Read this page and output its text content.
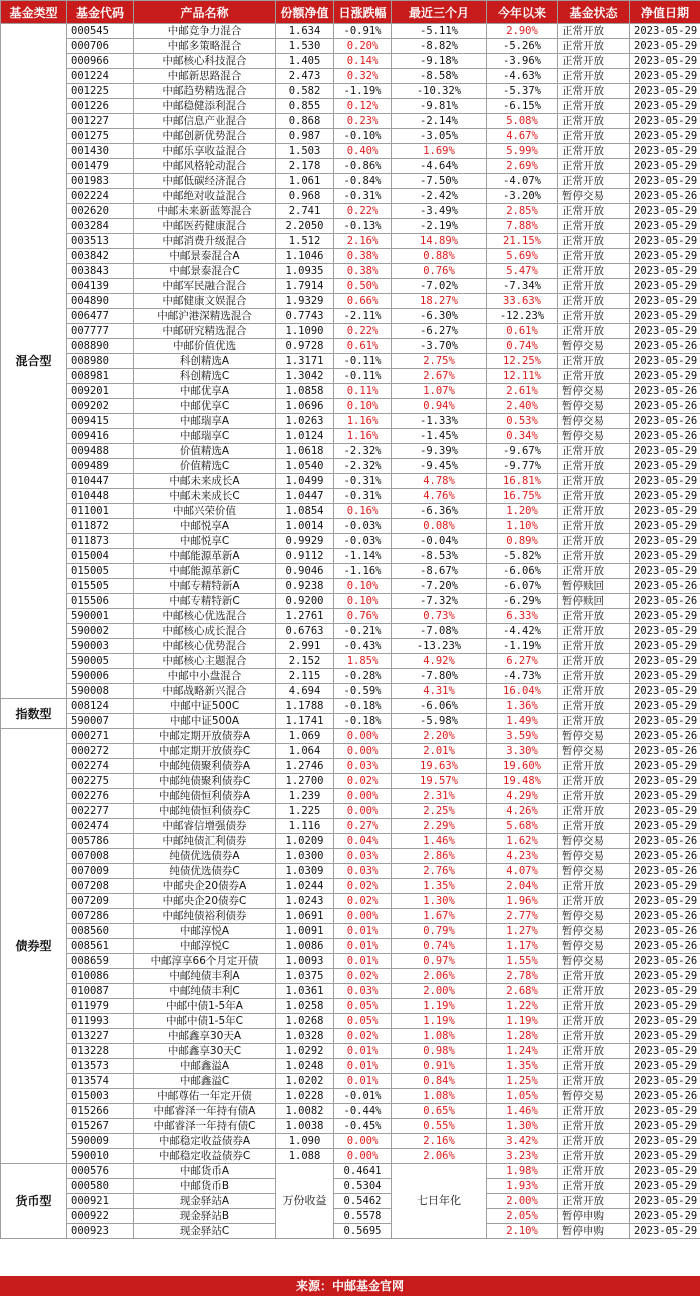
基金类型	基金代码	产品名称	份额净值	日涨跌幅	最近三个月	今年以来	基金状态	净值日期
混合型	000545	中邮竞争力混合	1.634	-0.91%	-5.11%	2.90%	正常开放	2023-05-29
	000706	中邮多策略混合	1.530	0.20%	-8.82%	-5.26%	正常开放	2023-05-29
	000966	中邮核心科技混合	1.405	0.14%	-9.18%	-3.96%	正常开放	2023-05-29
	001224	中邮新思路混合	2.473	0.32%	-8.58%	-4.63%	正常开放	2023-05-29
	001225	中邮趋势精选混合	0.582	-1.19%	-10.32%	-5.37%	正常开放	2023-05-29
	001226	中邮稳健添利混合	0.855	0.12%	-9.81%	-6.15%	正常开放	2023-05-29
	001227	中邮信息产业混合	0.868	0.23%	-2.14%	5.08%	正常开放	2023-05-29
	001275	中邮创新优势混合	0.987	-0.10%	-3.05%	4.67%	正常开放	2023-05-29
	001430	中邮乐享收益混合	1.503	0.40%	1.69%	5.99%	正常开放	2023-05-29
	001479	中邮风格轮动混合	2.178	-0.86%	-4.64%	2.69%	正常开放	2023-05-29
	001983	中邮低碳经济混合	1.061	-0.84%	-7.50%	-4.07%	正常开放	2023-05-29
	002224	中邮绝对收益混合	0.968	-0.31%	-2.42%	-3.20%	暂停交易	2023-05-26
	002620	中邮未来新蓝筹混合	2.741	0.22%	-3.49%	2.85%	正常开放	2023-05-29
	003284	中邮医药健康混合	2.2050	-0.13%	-2.19%	7.88%	正常开放	2023-05-29
	003513	中邮消费升级混合	1.512	2.16%	14.89%	21.15%	正常开放	2023-05-29
	003842	中邮景泰混合A	1.1046	0.38%	0.88%	5.69%	正常开放	2023-05-29
	003843	中邮景泰混合C	1.0935	0.38%	0.76%	5.47%	正常开放	2023-05-29
	004139	中邮军民融合混合	1.7914	0.50%	-7.02%	-7.34%	正常开放	2023-05-29
	004890	中邮健康文娱混合	1.9329	0.66%	18.27%	33.63%	正常开放	2023-05-29
	006477	中邮沪港深精选混合	0.7743	-2.11%	-6.30%	-12.23%	正常开放	2023-05-29
	007777	中邮研究精选混合	1.1090	0.22%	-6.27%	0.61%	正常开放	2023-05-29
	008890	中邮价值优选	0.9728	0.61%	-3.70%	0.74%	暂停交易	2023-05-26
	008980	科创精选A	1.3171	-0.11%	2.75%	12.25%	正常开放	2023-05-29
	008981	科创精选C	1.3042	-0.11%	2.67%	12.11%	正常开放	2023-05-29
	009201	中邮优享A	1.0858	0.11%	1.07%	2.61%	暂停交易	2023-05-26
	009202	中邮优享C	1.0696	0.10%	0.94%	2.40%	暂停交易	2023-05-26
	009415	中邮瑞享A	1.0263	1.16%	-1.33%	0.53%	暂停交易	2023-05-26
	009416	中邮瑞享C	1.0124	1.16%	-1.45%	0.34%	暂停交易	2023-05-26
	009488	价值精选A	1.0618	-2.32%	-9.39%	-9.67%	正常开放	2023-05-29
	009489	价值精选C	1.0540	-2.32%	-9.45%	-9.77%	正常开放	2023-05-29
	010447	中邮未来成长A	1.0499	-0.31%	4.78%	16.81%	正常开放	2023-05-29
	010448	中邮未来成长C	1.0447	-0.31%	4.76%	16.75%	正常开放	2023-05-29
	011001	中邮兴荣价值	1.0854	0.16%	-6.36%	1.20%	正常开放	2023-05-29
	011872	中邮悦享A	1.0014	-0.03%	0.08%	1.10%	正常开放	2023-05-29
	011873	中邮悦享C	0.9929	-0.03%	-0.04%	0.89%	正常开放	2023-05-29
	015004	中邮能源革新A	0.9112	-1.14%	-8.53%	-5.82%	正常开放	2023-05-29
	015005	中邮能源革新C	0.9046	-1.16%	-8.67%	-6.06%	正常开放	2023-05-29
	015505	中邮专精特新A	0.9238	0.10%	-7.20%	-6.07%	暂停赎回	2023-05-26
	015506	中邮专精特新C	0.9200	0.10%	-7.32%	-6.29%	暂停赎回	2023-05-26
	590001	中邮核心优选混合	1.2761	0.76%	0.73%	6.33%	正常开放	2023-05-29
	590002	中邮核心成长混合	0.6763	-0.21%	-7.08%	-4.42%	正常开放	2023-05-29
	590003	中邮核心优势混合	2.991	-0.43%	-13.23%	-1.19%	正常开放	2023-05-29
	590005	中邮核心主题混合	2.152	1.85%	4.92%	6.27%	正常开放	2023-05-29
	590006	中邮中小盘混合	2.115	-0.28%	-7.80%	-4.73%	正常开放	2023-05-29
	590008	中邮战略新兴混合	4.694	-0.59%	4.31%	16.04%	正常开放	2023-05-29
指数型	008124	中邮中证500C	1.1788	-0.18%	-6.06%	1.36%	正常开放	2023-05-29
	590007	中邮中证500A	1.1741	-0.18%	-5.98%	1.49%	正常开放	2023-05-29
债券型	000271	中邮定期开放债券A	1.069	0.00%	2.20%	3.59%	暂停交易	2023-05-26
	000272	中邮定期开放债券C	1.064	0.00%	2.01%	3.30%	暂停交易	2023-05-26
	002274	中邮纯债聚利债券A	1.2746	0.03%	19.63%	19.60%	正常开放	2023-05-29
	002275	中邮纯债聚利债券C	1.2700	0.02%	19.57%	19.48%	正常开放	2023-05-29
	002276	中邮纯债恒利债券A	1.239	0.00%	2.31%	4.29%	正常开放	2023-05-29
	002277	中邮纯债恒利债券C	1.225	0.00%	2.25%	4.26%	正常开放	2023-05-29
	002474	中邮睿信增强债券	1.116	0.27%	2.29%	5.68%	正常开放	2023-05-29
	005786	中邮纯债汇利债券	1.0209	0.04%	1.46%	1.62%	暂停交易	2023-05-26
	007008	纯债优选债券A	1.0300	0.03%	2.86%	4.23%	暂停交易	2023-05-26
	007009	纯债优选债券C	1.0309	0.03%	2.76%	4.07%	暂停交易	2023-05-26
	007208	中邮央企20债券A	1.0244	0.02%	1.35%	2.04%	正常开放	2023-05-29
	007209	中邮央企20债券C	1.0243	0.02%	1.30%	1.96%	正常开放	2023-05-29
	007286	中邮纯债裕利债券	1.0691	0.00%	1.67%	2.77%	暂停交易	2023-05-26
	008560	中邮淳悦A	1.0091	0.01%	0.79%	1.27%	暂停交易	2023-05-26
	008561	中邮淳悦C	1.0086	0.01%	0.74%	1.17%	暂停交易	2023-05-26
	008659	中邮淳享66个月定开债	1.0093	0.01%	0.97%	1.55%	暂停交易	2023-05-26
	010086	中邮纯债丰利A	1.0375	0.02%	2.06%	2.78%	正常开放	2023-05-29
	010087	中邮纯债丰利C	1.0361	0.03%	2.00%	2.68%	正常开放	2023-05-29
	011979	中邮中债1-5年A	1.0258	0.05%	1.19%	1.22%	正常开放	2023-05-29
	011993	中邮中债1-5年C	1.0268	0.05%	1.19%	1.19%	正常开放	2023-05-29
	013227	中邮鑫享30天A	1.0328	0.02%	1.08%	1.28%	正常开放	2023-05-29
	013228	中邮鑫享30天C	1.0292	0.01%	0.98%	1.24%	正常开放	2023-05-29
	013573	中邮鑫溢A	1.0248	0.01%	0.91%	1.35%	正常开放	2023-05-29
	013574	中邮鑫溢C	1.0202	0.01%	0.84%	1.25%	正常开放	2023-05-29
	015003	中邮尊佑一年定开债	1.0228	-0.01%	1.08%	1.05%	暂停交易	2023-05-26
	015266	中邮睿泽一年持有债A	1.0082	-0.44%	0.65%	1.46%	正常开放	2023-05-29
	015267	中邮睿泽一年持有债C	1.0038	-0.45%	0.55%	1.30%	正常开放	2023-05-29
	590009	中邮稳定收益债券A	1.090	0.00%	2.16%	3.42%	正常开放	2023-05-29
	590010	中邮稳定收益债券C	1.088	0.00%	2.06%	3.23%	正常开放	2023-05-29
货币型	000576	中邮货币A	万份收益	0.4641	七日年化	1.98%	正常开放	2023-05-29
	000580	中邮货币B		0.5304		1.93%	正常开放	2023-05-29
	000921	现金驿站A		0.5462		2.00%	正常开放	2023-05-29
	000922	现金驿站B		0.5578		2.05%	暂停申购	2023-05-29
	000923	现金驿站C		0.5695		2.10%	暂停申购	2023-05-29
来源：中邮基金官网
